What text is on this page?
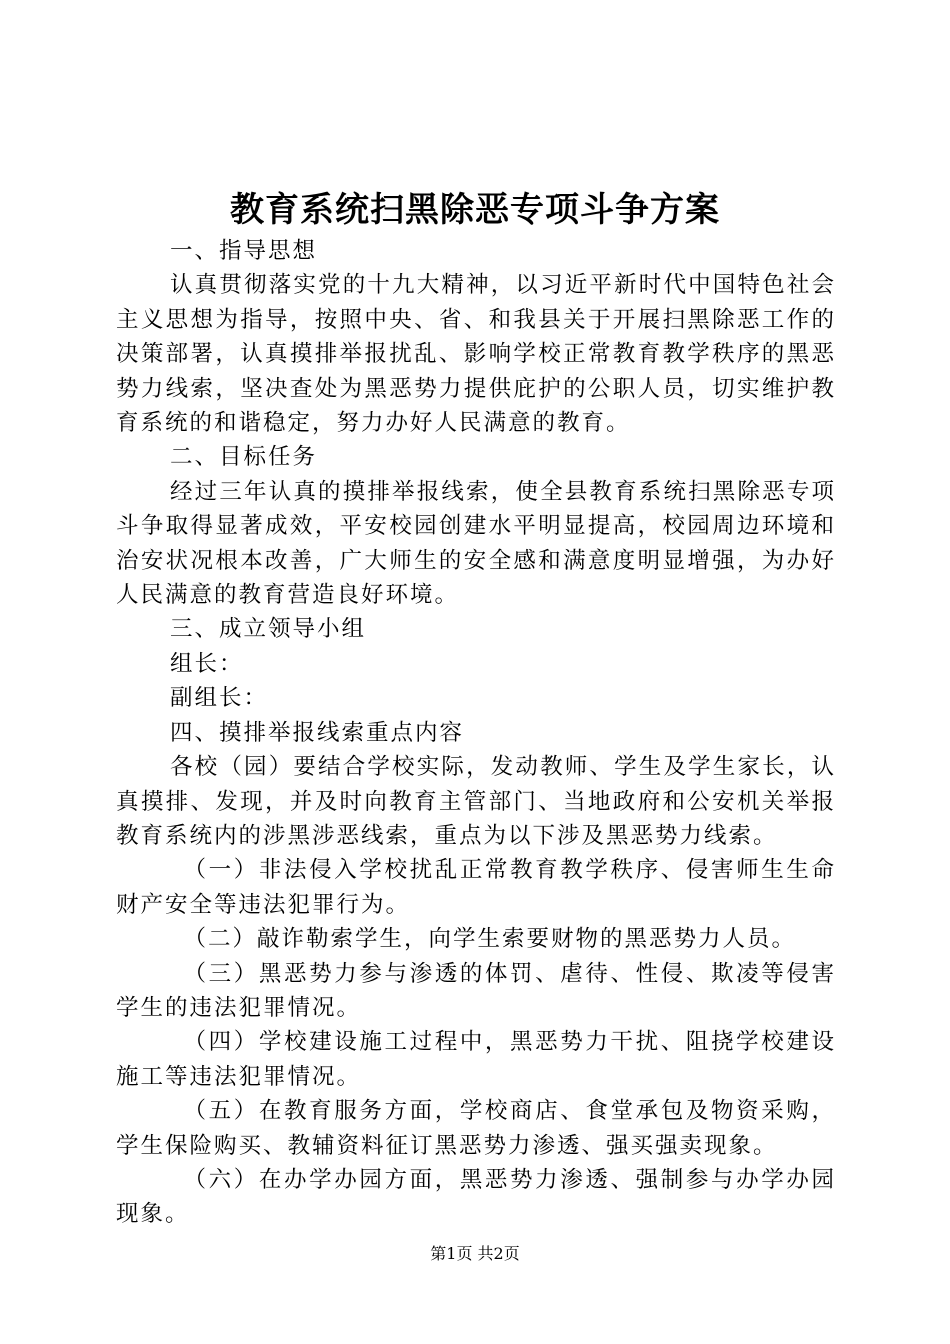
教育系统扫黑除恶专项斗争方案

一、指导思想

认真贯彻落实党的十九大精神，以习近平新时代中国特色社会主义思想为指导，按照中央、省、和我县关于开展扫黑除恶工作的决策部署，认真摸排举报扰乱、影响学校正常教育教学秩序的黑恶势力线索，坚决查处为黑恶势力提供庇护的公职人员，切实维护教育系统的和谐稳定，努力办好人民满意的教育。

二、目标任务

经过三年认真的摸排举报线索，使全县教育系统扫黑除恶专项斗争取得显著成效，平安校园创建水平明显提高，校园周边环境和治安状况根本改善，广大师生的安全感和满意度明显增强，为办好人民满意的教育营造良好环境。

三、成立领导小组

组长：

副组长：

四、摸排举报线索重点内容

各校（园）要结合学校实际，发动教师、学生及学生家长，认真摸排、发现，并及时向教育主管部门、当地政府和公安机关举报教育系统内的涉黑涉恶线索，重点为以下涉及黑恶势力线索。

（一）非法侵入学校扰乱正常教育教学秩序、侵害师生生命财产安全等违法犯罪行为。

（二）敲诈勒索学生，向学生索要财物的黑恶势力人员。

（三）黑恶势力参与渗透的体罚、虐待、性侵、欺凌等侵害学生的违法犯罪情况。

（四）学校建设施工过程中，黑恶势力干扰、阻挠学校建设施工等违法犯罪情况。

（五）在教育服务方面，学校商店、食堂承包及物资采购，学生保险购买、教辅资料征订黑恶势力渗透、强买强卖现象。

（六）在办学办园方面，黑恶势力渗透、强制参与办学办园现象。

第1页 共2页
